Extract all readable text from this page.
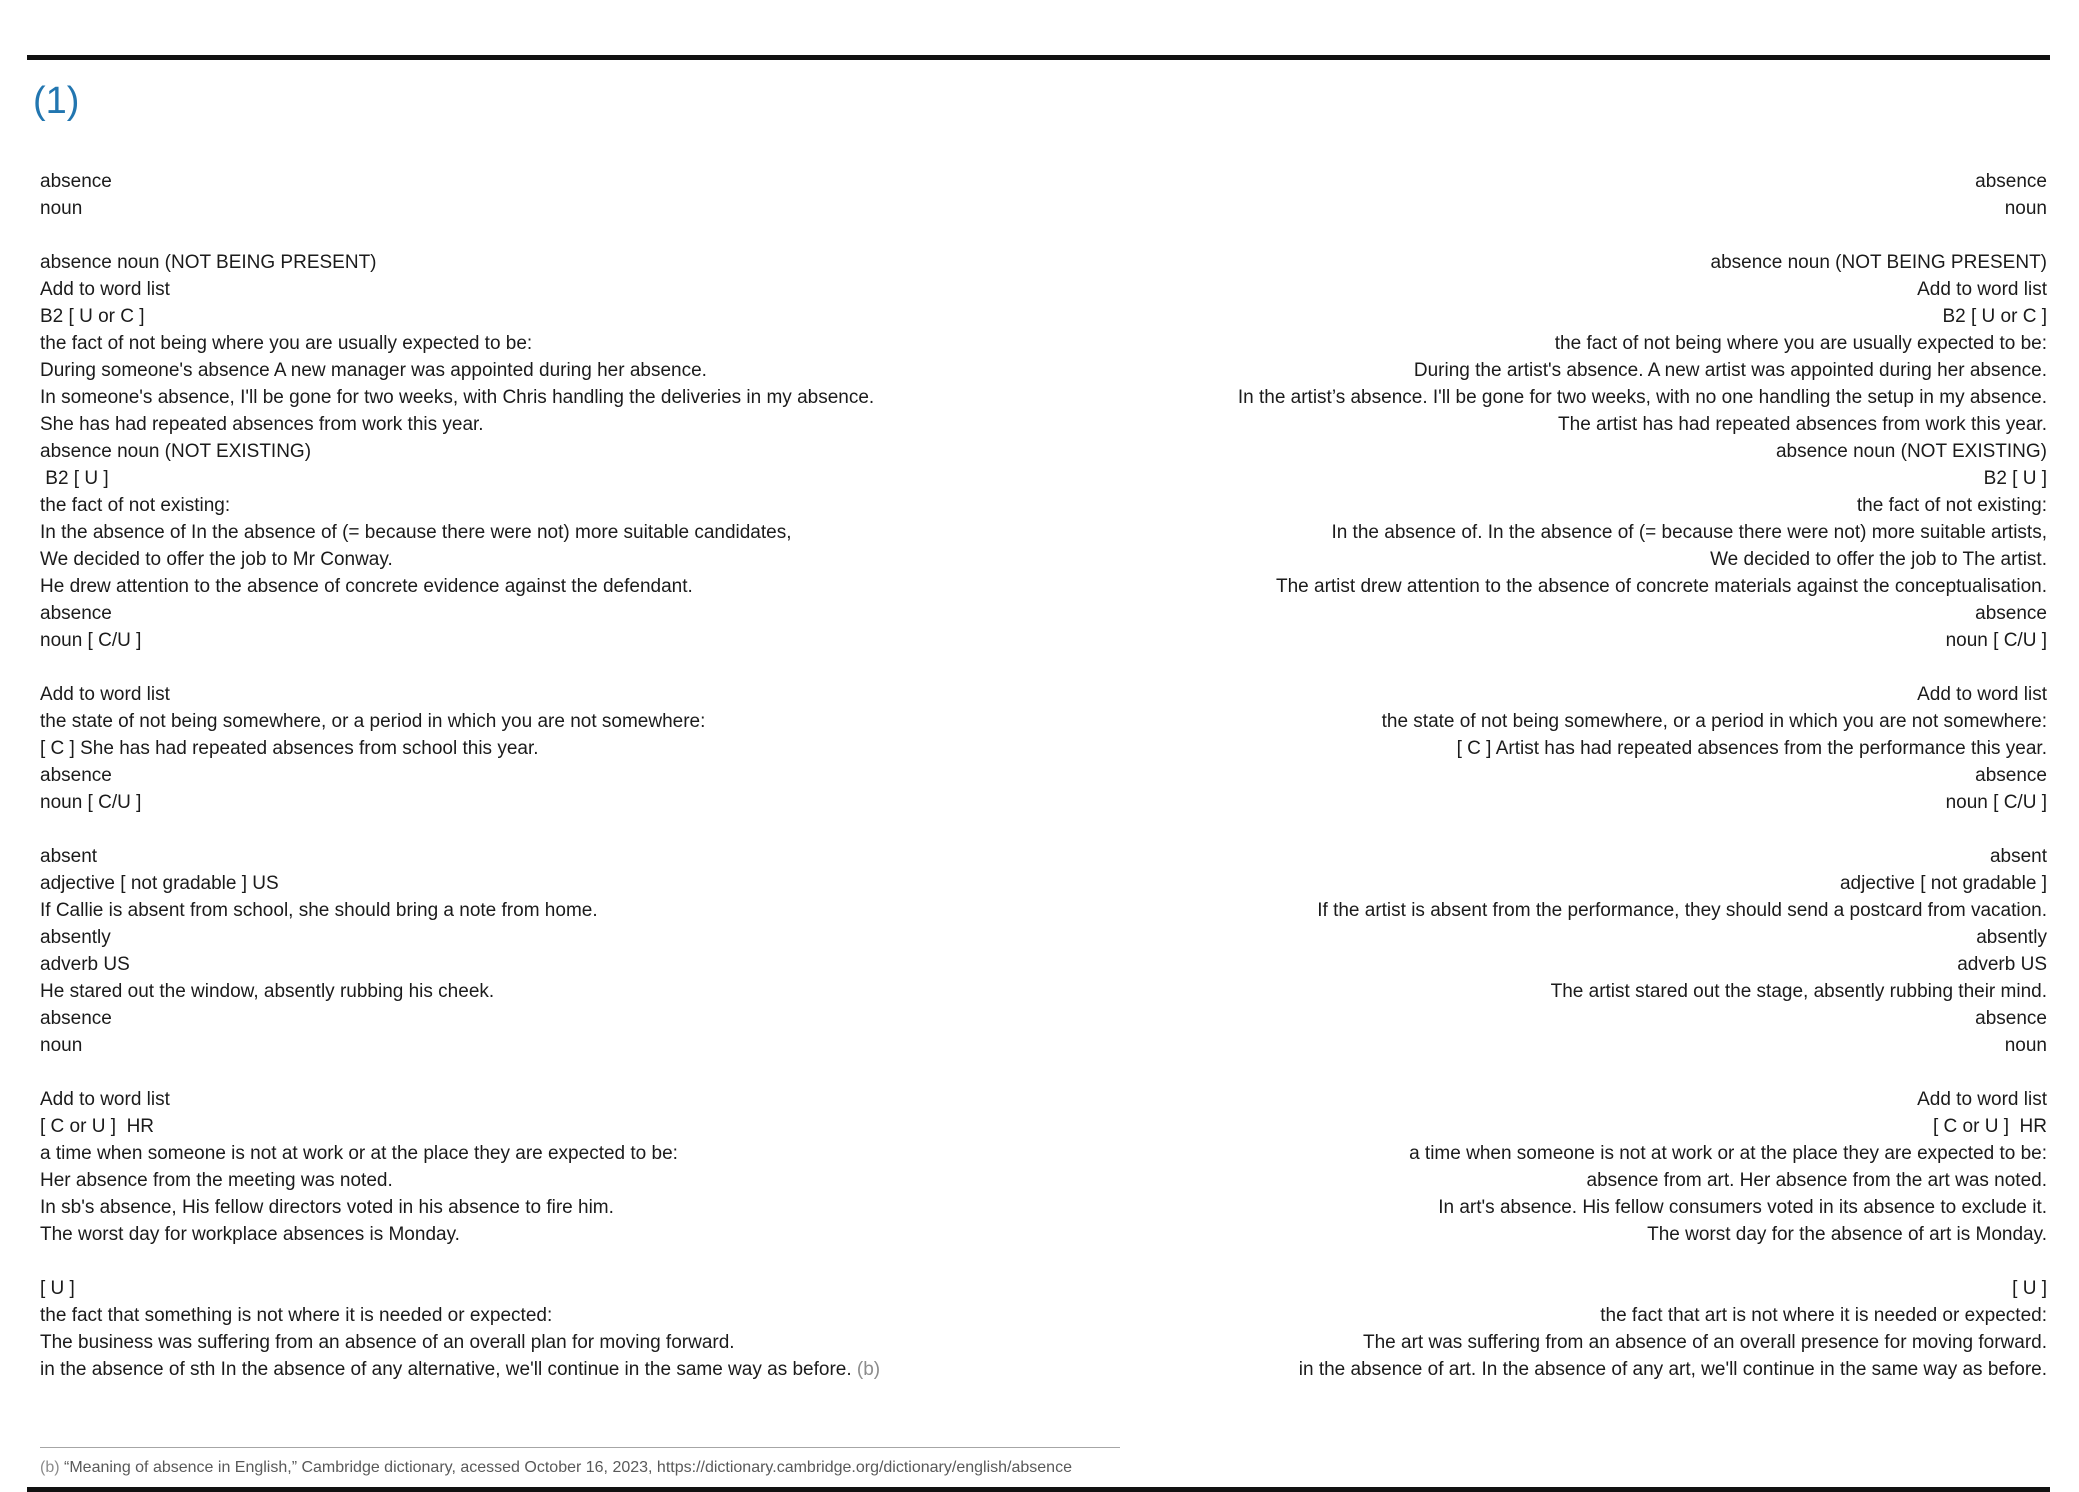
(1)
absence	absence
noun	noun

absence noun (NOT BEING PRESENT)	absence noun (NOT BEING PRESENT)
Add to word list	Add to word list
B2 [ U or C ]	B2 [ U or C ]
the fact of not being where you are usually expected to be:	the fact of not being where you are usually expected to be:
During someone's absence A new manager was appointed during her absence.	During the artist's absence. A new artist was appointed during her absence.
In someone's absence, I'll be gone for two weeks, with Chris handling the deliveries in my absence.	In the artist’s absence. I'll be gone for two weeks, with no one handling the setup in my absence.
She has had repeated absences from work this year.	The artist has had repeated absences from work this year.
absence noun (NOT EXISTING)	absence noun (NOT EXISTING)
B2 [ U ]	B2 [ U ]
the fact of not existing:	the fact of not existing:
In the absence of In the absence of (= because there were not) more suitable candidates,	In the absence of. In the absence of (= because there were not) more suitable artists,
We decided to offer the job to Mr Conway.	We decided to offer the job to The artist.
He drew attention to the absence of concrete evidence against the defendant.	The artist drew attention to the absence of concrete materials against the conceptualisation.
absence	absence
noun [ C/U ]	noun [ C/U ]

Add to word list	Add to word list
the state of not being somewhere, or a period in which you are not somewhere:	the state of not being somewhere, or a period in which you are not somewhere:
[ C ] She has had repeated absences from school this year.	[ C ] Artist has had repeated absences from the performance this year.
absence	absence
noun [ C/U ]	noun [ C/U ]

absent	absent
adjective [ not gradable ] US	adjective [ not gradable ]
If Callie is absent from school, she should bring a note from home.	If the artist is absent from the performance, they should send a postcard from vacation.
absently	absently
adverb US	adverb US
He stared out the window, absently rubbing his cheek.	The artist stared out the stage, absently rubbing their mind.
absence	absence
noun	noun

Add to word list	Add to word list
[ C or U ]  HR	[ C or U ]  HR
a time when someone is not at work or at the place they are expected to be:	a time when someone is not at work or at the place they are expected to be:
Her absence from the meeting was noted.	absence from art. Her absence from the art was noted.
In sb's absence, His fellow directors voted in his absence to fire him.	In art's absence. His fellow consumers voted in its absence to exclude it.
The worst day for workplace absences is Monday.	The worst day for the absence of art is Monday.

[ U ]	[ U ]
the fact that something is not where it is needed or expected:	the fact that art is not where it is needed or expected:
The business was suffering from an absence of an overall plan for moving forward.	The art was suffering from an absence of an overall presence for moving forward.
in the absence of sth In the absence of any alternative, we'll continue in the same way as before. (b)	in the absence of art. In the absence of any art, we'll continue in the same way as before.
(b) “Meaning of absence in English,” Cambridge dictionary, acessed October 16, 2023, https://dictionary.cambridge.org/dictionary/english/absence
